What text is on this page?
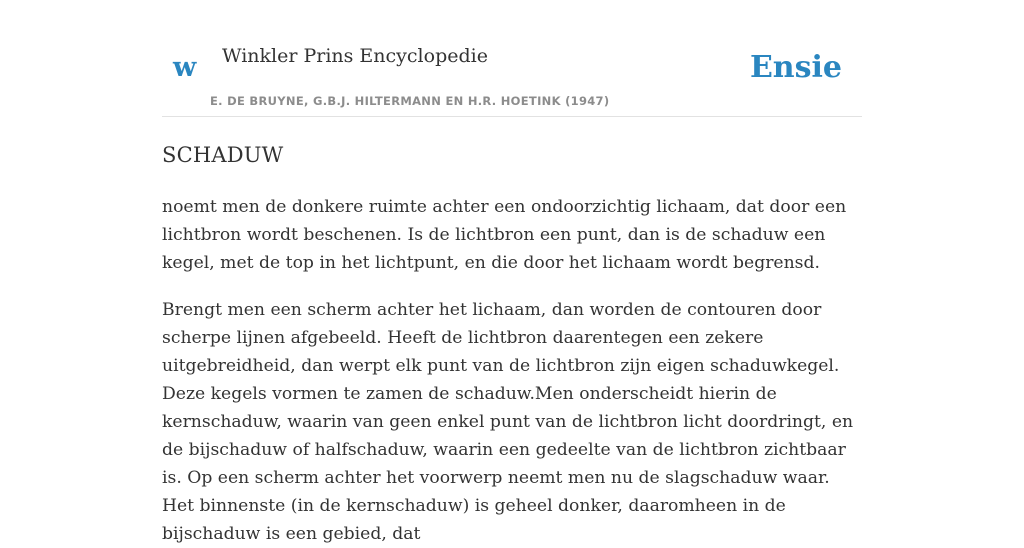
w Winkler Prins Encyclopedie
E. DE BRUYNE, G.B.J. HILTERMANN EN H.R. HOETINK (1947)
Ensie
SCHADUW

noemt men de donkere ruimte achter een ondoorzichtig lichaam, dat door een lichtbron wordt beschenen. Is de lichtbron een punt, dan is de schaduw een kegel, met de top in het lichtpunt, en die door het lichaam wordt begrensd.

Brengt men een scherm achter het lichaam, dan worden de contouren door scherpe lijnen afgebeeld. Heeft de lichtbron daarentegen een zekere uitgebreidheid, dan werpt elk punt van de lichtbron zijn eigen schaduwkegel. Deze kegels vormen te zamen de schaduw.Men onderscheidt hierin de kernschaduw, waarin van geen enkel punt van de lichtbron licht doordringt, en de bijschaduw of halfschaduw, waarin een gedeelte van de lichtbron zichtbaar is. Op een scherm achter het voorwerp neemt men nu de slagschaduw waar. Het binnenste (in de kernschaduw) is geheel donker, daaromheen in de bijschaduw is een gebied, dat
